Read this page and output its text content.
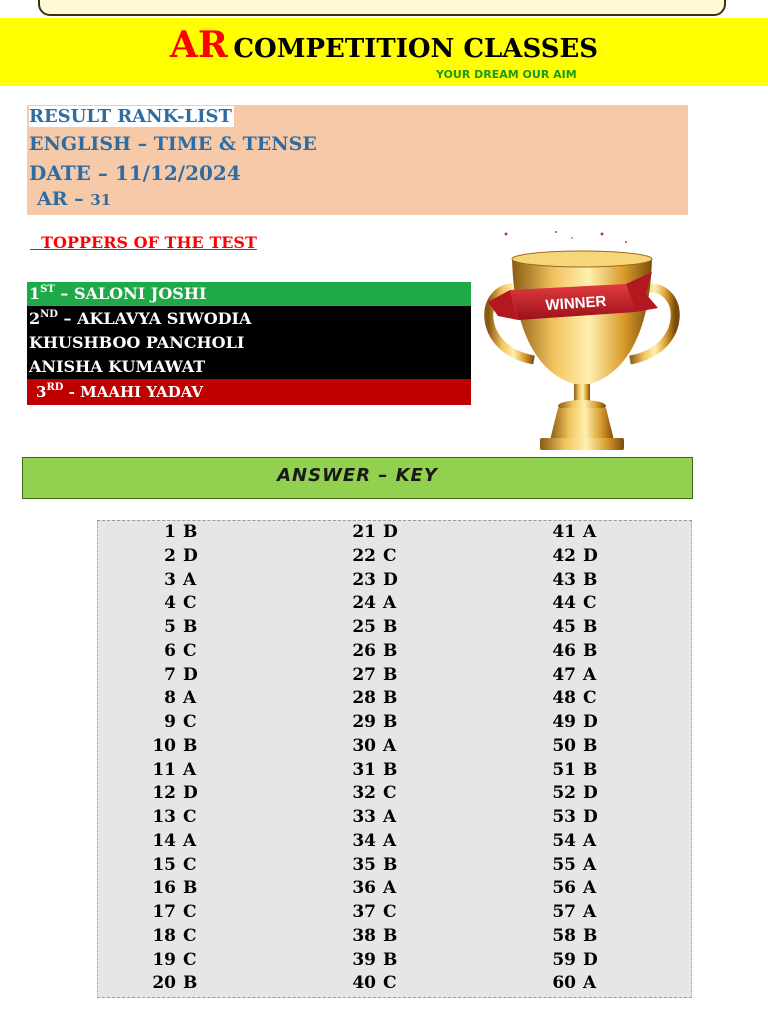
AR COMPETITION CLASSES
YOUR DREAM OUR AIM
RESULT RANK-LIST
ENGLISH – TIME & TENSE
DATE – 11/12/2024
AR – 31
TOPPERS OF THE TEST
1ST – SALONI JOSHI
2ND – AKLAVYA SIWODIA
KHUSHBOO PANCHOLI
ANISHA KUMAWAT
3RD - MAAHI YADAV
WINNER
ANSWER – KEY
1 B
2 D
3 A
4 C
5 B
6 C
7 D
8 A
9 C
10 B
11 A
12 D
13 C
14 A
15 C
16 B
17 C
18 C
19 C
20 B
21 D
22 C
23 D
24 A
25 B
26 B
27 B
28 B
29 B
30 A
31 B
32 C
33 A
34 A
35 B
36 A
37 C
38 B
39 B
40 C
41 A
42 D
43 B
44 C
45 B
46 B
47 A
48 C
49 D
50 B
51 B
52 D
53 D
54 A
55 A
56 A
57 A
58 B
59 D
60 A
